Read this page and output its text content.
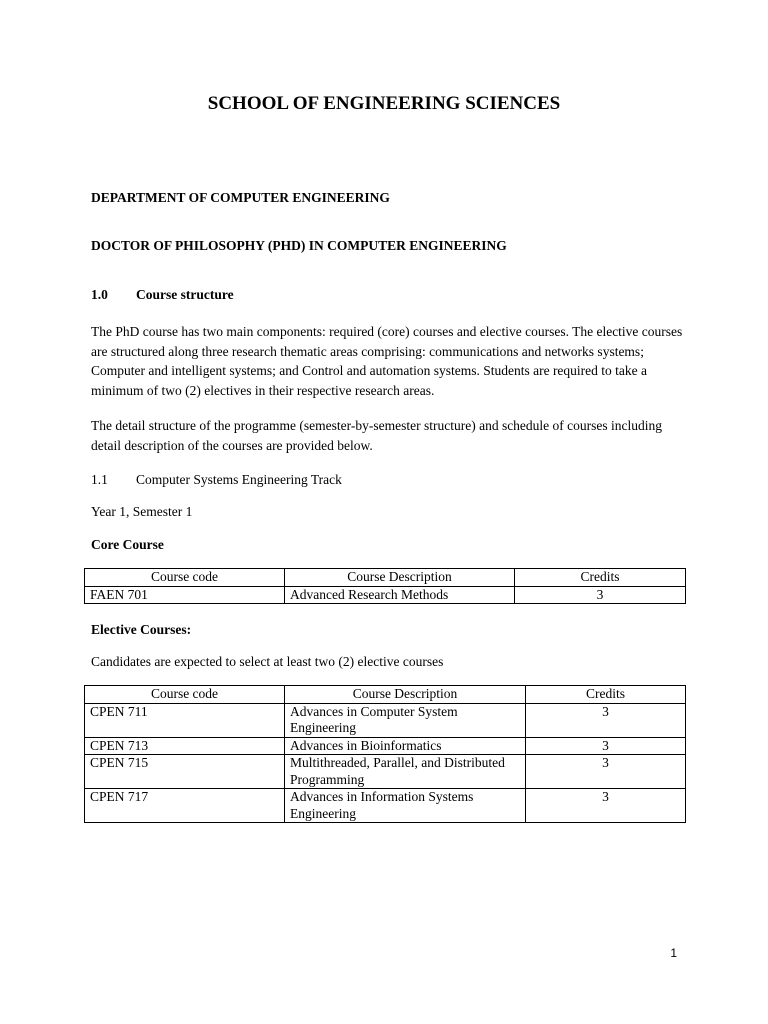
SCHOOL OF ENGINEERING SCIENCES
DEPARTMENT OF COMPUTER ENGINEERING
DOCTOR OF PHILOSOPHY (PHD) IN COMPUTER ENGINEERING
1.0 Course structure
The PhD course has two main components: required (core) courses and elective courses. The elective courses are structured along three research thematic areas comprising: communications and networks systems; Computer and intelligent systems; and Control and automation systems. Students are required to take a minimum of two (2) electives in their respective research areas.
The detail structure of the programme (semester-by-semester structure) and schedule of courses including detail description of the courses are provided below.
1.1 Computer Systems Engineering Track
Year 1, Semester 1
Core Course
Course code	Course Description	Credits
FAEN 701	Advanced Research Methods	3
Elective Courses:
Candidates are expected to select at least two (2) elective courses
Course code	Course Description	Credits
CPEN 711	Advances in Computer System Engineering	3
CPEN 713	Advances in Bioinformatics	3
CPEN 715	Multithreaded, Parallel, and Distributed Programming	3
CPEN 717	Advances in Information Systems Engineering	3
1
